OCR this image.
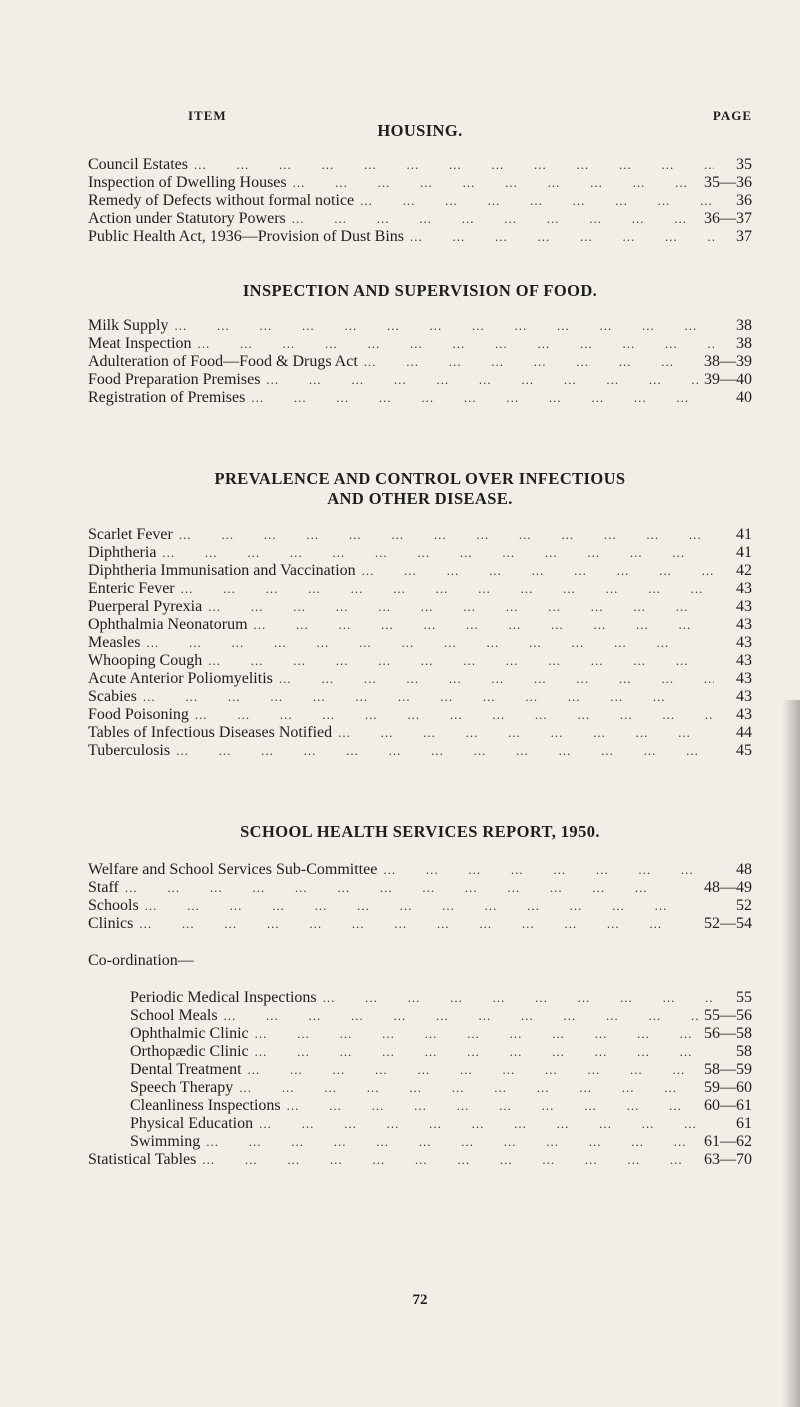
ITEM	PAGE
HOUSING.
Council Estates ...	35
Inspection of Dwelling Houses ...	35—36
Remedy of Defects without formal notice ...	36
Action under Statutory Powers ...	36—37
Public Health Act, 1936—Provision of Dust Bins ...	37
INSPECTION AND SUPERVISION OF FOOD.
Milk Supply ...	38
Meat Inspection ...	38
Adulteration of Food—Food & Drugs Act ...	38—39
Food Preparation Premises ...	39—40
Registration of Premises ...	40
PREVALENCE AND CONTROL OVER INFECTIOUS
AND OTHER DISEASE.
Scarlet Fever ...	41
Diphtheria ...	41
Diphtheria Immunisation and Vaccination ...	42
Enteric Fever ...	43
Puerperal Pyrexia ...	43
Ophthalmia Neonatorum ...	43
Measles ...	43
Whooping Cough ...	43
Acute Anterior Poliomyelitis ...	43
Scabies ...	43
Food Poisoning ...	43
Tables of Infectious Diseases Notified ...	44
Tuberculosis ...	45
SCHOOL HEALTH SERVICES REPORT, 1950.
Welfare and School Services Sub-Committee ...	48
Staff ...	48—49
Schools ...	52
Clinics ...	52—54
Co-ordination—
Periodic Medical Inspections ...	55
School Meals ...	55—56
Ophthalmic Clinic ...	56—58
Orthopædic Clinic ...	58
Dental Treatment ...	58—59
Speech Therapy ...	59—60
Cleanliness Inspections ...	60—61
Physical Education ...	61
Swimming ...	61—62
Statistical Tables ...	63—70
72
